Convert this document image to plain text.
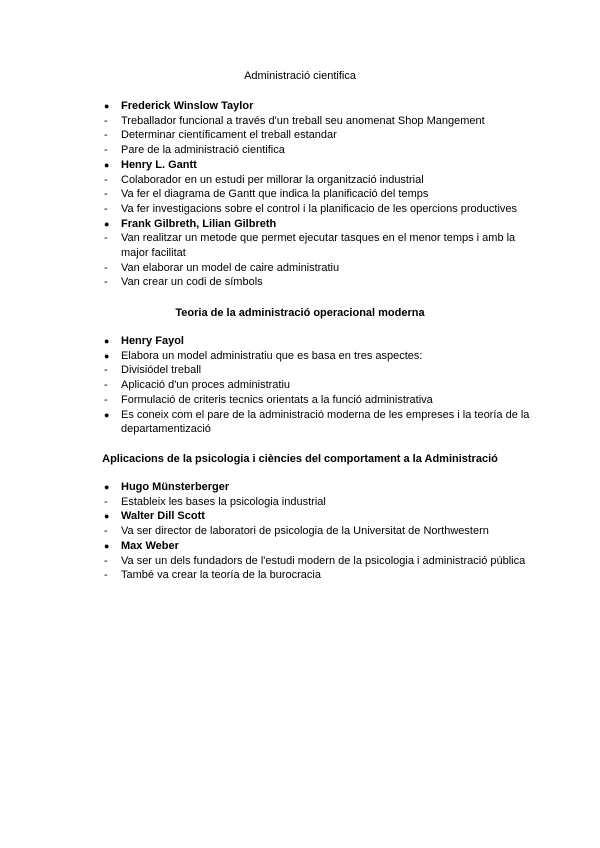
Administració cientifica
●	Frederick Winslow Taylor
-	Treballador funcional a través d'un treball seu anomenat Shop Mangement
-	Determinar científicament el treball estandar
-	Pare de la administració cientifica
●	Henry L. Gantt
-	Colaborador en un estudi per millorar la organització industrial
-	Va fer el diagrama de Gantt que indica la planificació del temps
-	Va fer investigacions sobre el control i la planificacio de les opercions productives
●	Frank Gilbreth, Lilian Gilbreth
-	Van realitzar un metode que permet ejecutar tasques en el menor temps i amb la major facilitat
-	Van elaborar un model de caire administratiu
-	Van crear un codi de símbols
Teoria de la administració operacional moderna
●	Henry Fayol
●	Elabora un model administratiu que es basa en tres aspectes:
-	Divisiódel treball
-	Aplicació d'un proces administratiu
-	Formulació de criteris tecnics orientats a la funció administrativa
●	Es coneix com el pare de la administració moderna de les empreses i la teoría de la departamentizació
Aplicacions de la psicologia i ciències del comportament a la Administració
●	Hugo Münsterberger
-	Estableix les bases la psicologia industrial
●	Walter Dill Scott
-	Va ser director de laboratori de psicologia de la Universitat de Northwestern
●	Max Weber
-	Va ser un dels fundadors de l'estudi modern de la psicologia i administració pública
-	També va crear la teoría de la burocracia
